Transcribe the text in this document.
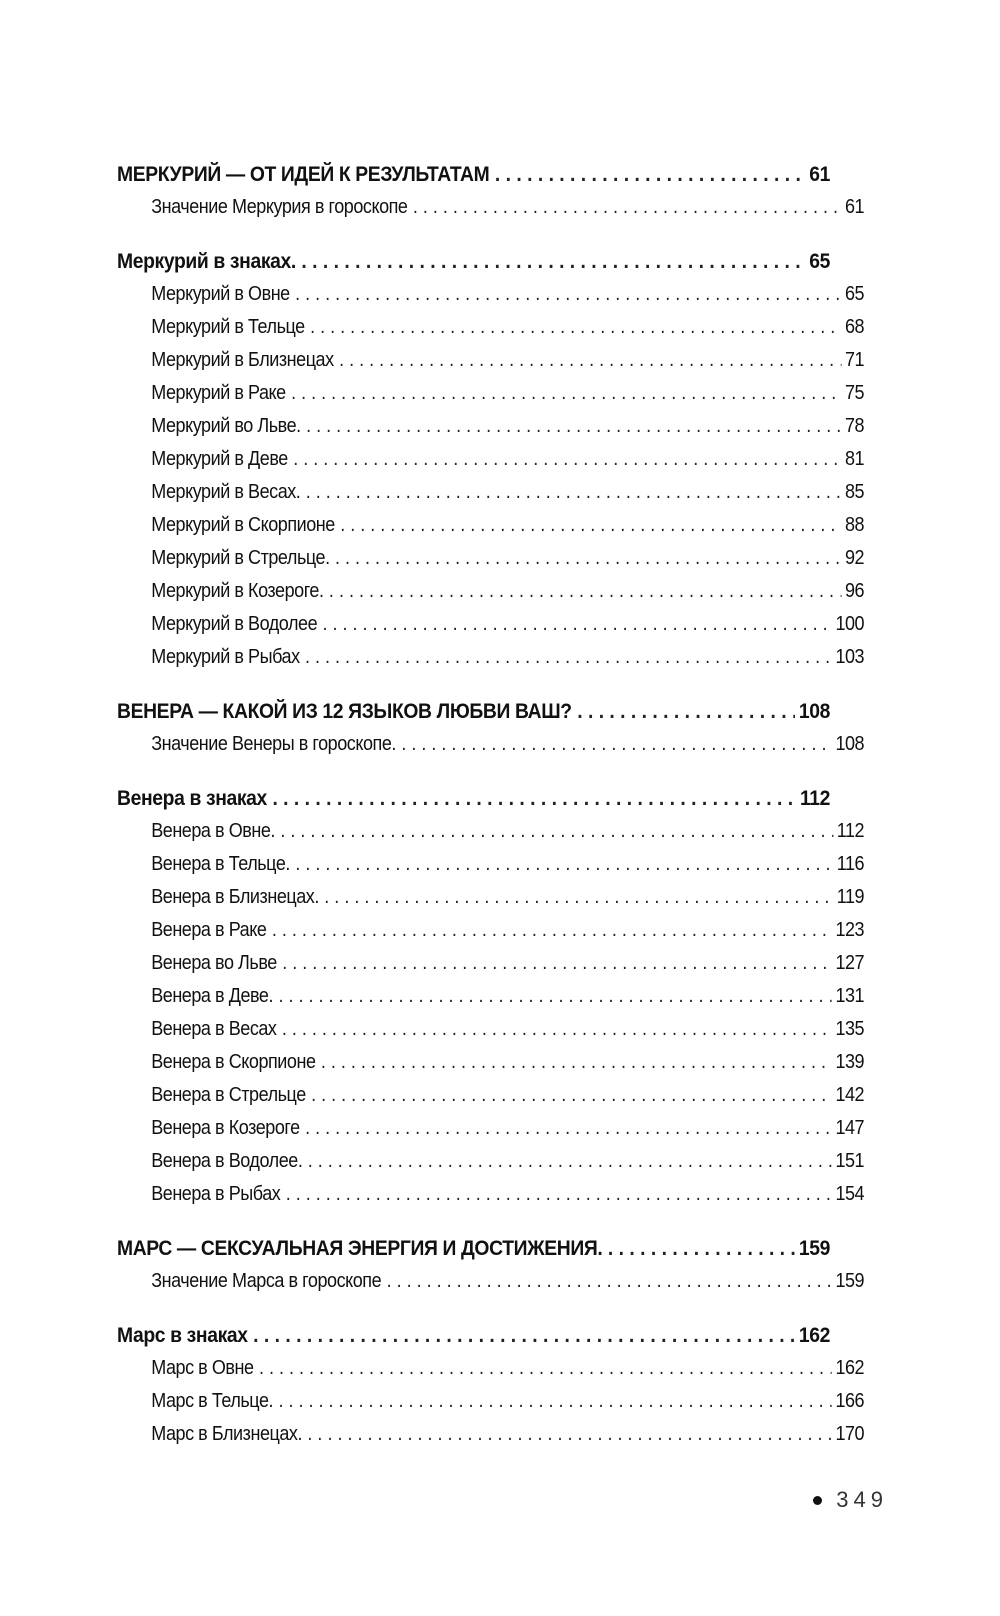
МЕРКУРИЙ — ОТ ИДЕЙ К РЕЗУЛЬТАТАМ . . .	61
Значение Меркурия в гороскопе . . .	61
Меркурий в знаках. . . .	65
Меркурий в Овне . . .	65
Меркурий в Тельце . . .	68
Меркурий в Близнецах . . .	71
Меркурий в Раке . . .	75
Меркурий во Льве. . . .	78
Меркурий в Деве . . .	81
Меркурий в Весах. . . .	85
Меркурий в Скорпионе . . .	88
Меркурий в Стрельце. . . .	92
Меркурий в Козероге. . . .	96
Меркурий в Водолее . . .	100
Меркурий в Рыбах . . .	103
ВЕНЕРА — КАКОЙ ИЗ 12 ЯЗЫКОВ ЛЮБВИ ВАШ? . . .	108
Значение Венеры в гороскопе. . . .	108
Венера в знаках . . .	112
Венера в Овне. . . .	112
Венера в Тельце. . . .	116
Венера в Близнецах. . . .	119
Венера в Раке . . .	123
Венера во Льве . . .	127
Венера в Деве. . . .	131
Венера в Весах . . .	135
Венера в Скорпионе . . .	139
Венера в Стрельце . . .	142
Венера в Козероге . . .	147
Венера в Водолее. . . .	151
Венера в Рыбах . . .	154
МАРС — СЕКСУАЛЬНАЯ ЭНЕРГИЯ И ДОСТИЖЕНИЯ. . . .	159
Значение Марса в гороскопе . . .	159
Марс в знаках . . .	162
Марс в Овне . . .	162
Марс в Тельце. . . .	166
Марс в Близнецах. . . .	170
349
